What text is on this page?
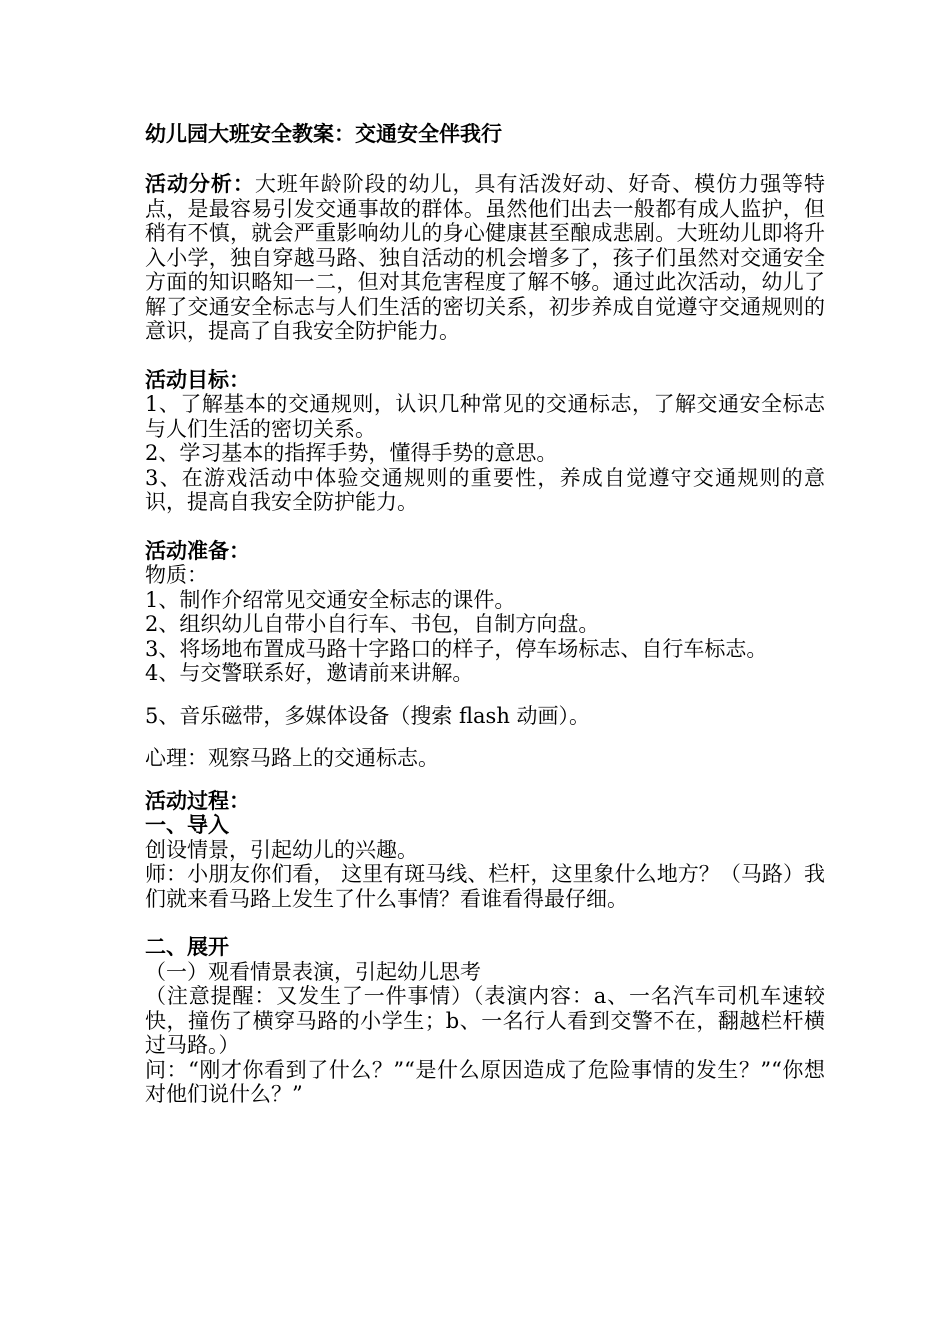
幼儿园大班安全教案：交通安全伴我行

活动分析：大班年龄阶段的幼儿，具有活泼好动、好奇、模仿力强等特点，是最容易引发交通事故的群体。虽然他们出去一般都有成人监护，但稍有不慎，就会严重影响幼儿的身心健康甚至酿成悲剧。大班幼儿即将升入小学，独自穿越马路、独自活动的机会增多了，孩子们虽然对交通安全方面的知识略知一二，但对其危害程度了解不够。通过此次活动，幼儿了解了交通安全标志与人们生活的密切关系，初步养成自觉遵守交通规则的意识，提高了自我安全防护能力。

活动目标：

1、了解基本的交通规则，认识几种常见的交通标志，了解交通安全标志与人们生活的密切关系。

2、学习基本的指挥手势，懂得手势的意思。

3、在游戏活动中体验交通规则的重要性，养成自觉遵守交通规则的意识，提高自我安全防护能力。

活动准备：

物质：

1、制作介绍常见交通安全标志的课件。

2、组织幼儿自带小自行车、书包，自制方向盘。

3、将场地布置成马路十字路口的样子，停车场标志、自行车标志。

4、与交警联系好，邀请前来讲解。

5、音乐磁带，多媒体设备（搜索 flash 动画）。

心理：观察马路上的交通标志。

活动过程：

一、导入

创设情景，引起幼儿的兴趣。

师：小朋友你们看， 这里有斑马线、栏杆，这里象什么地方？（马路）我们就来看马路上发生了什么事情？看谁看得最仔细。

二、展开

（一）观看情景表演，引起幼儿思考

（注意提醒：又发生了一件事情）（表演内容：a、一名汽车司机车速较快，撞伤了横穿马路的小学生；b、一名行人看到交警不在，翻越栏杆横过马路。）

问：“刚才你看到了什么？”“是什么原因造成了危险事情的发生？”“你想对他们说什么？”
